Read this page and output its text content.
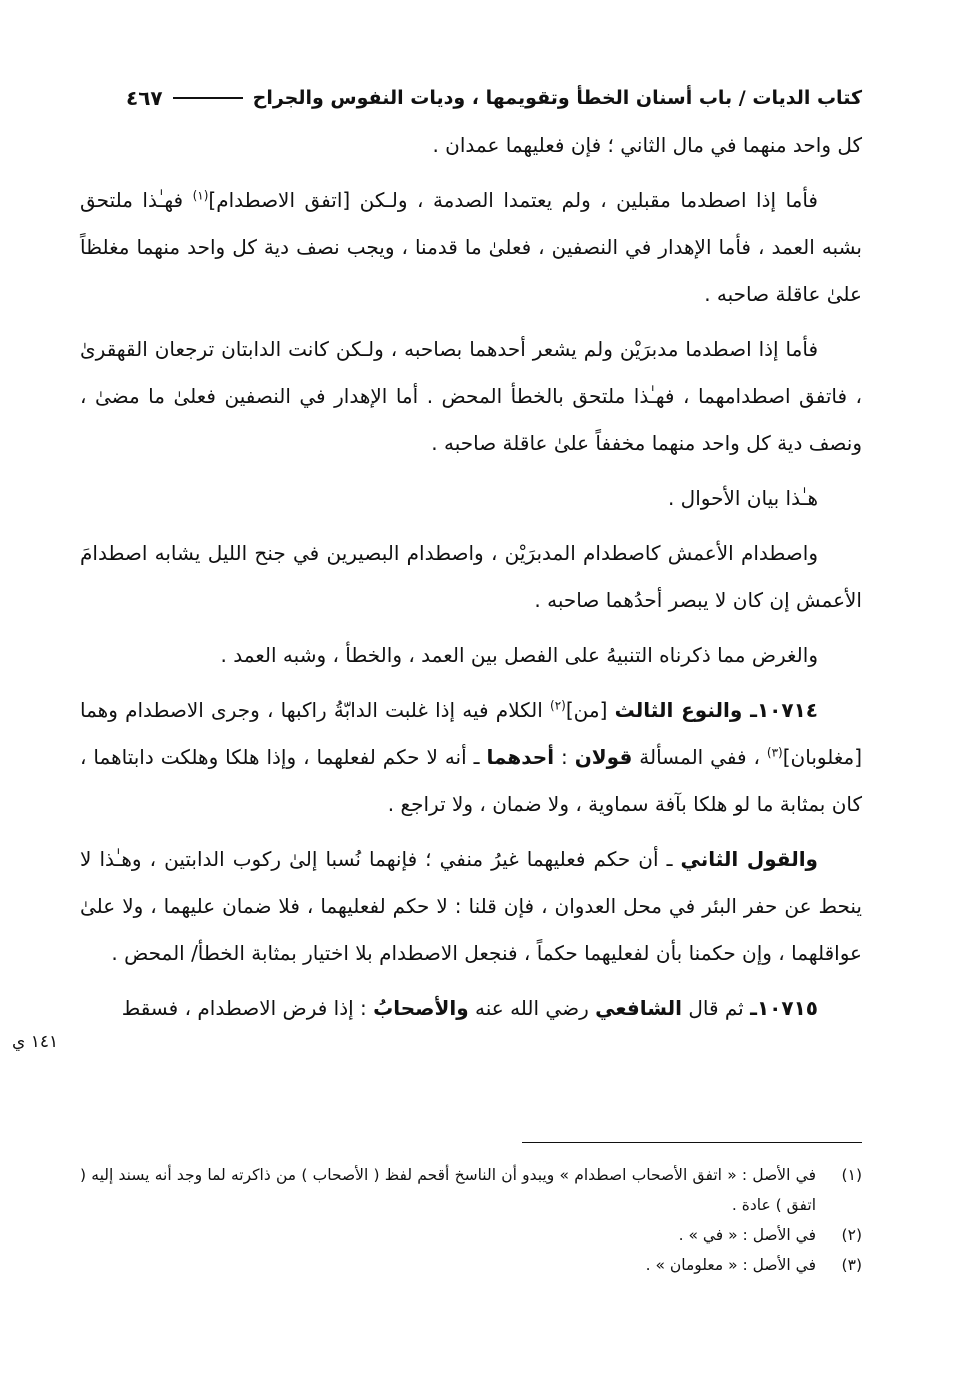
كتاب الديات / باب أسنان الخطأ وتقويمها ، وديات النفوس والجراح
٤٦٧

كل واحد منهما في مال الثاني ؛ فإن فعليهما عمدان .

فأما إذا اصطدما مقبلين ، ولم يعتمدا الصدمة ، ولـكن [اتفق الاصطدام]$^{(١)}$ فهـٰذا ملتحق بشبه العمد ، فأما الإهدار في النصفين ، فعلىٰ ما قدمنا ، ويجب نصف دية كل واحد منهما مغلظاً علىٰ عاقلة صاحبه .

فأما إذا اصطدما مدبرَيْن ولم يشعر أحدهما بصاحبه ، ولـكن كانت الدابتان ترجعان القهقرىٰ ، فاتفق اصطدامهما ، فهـٰذا ملتحق بالخطأ المحض . أما الإهدار في النصفين فعلىٰ ما مضىٰ ، ونصف دية كل واحد منهما مخففاً علىٰ عاقلة صاحبه .

هـٰذا بيان الأحوال .

واصطدام الأعمش كاصطدام المدبرَيْن ، واصطدام البصيرين في جنح الليل يشابه اصطدامَ الأعمش إن كان لا يبصر أحدُهما صاحبه .

والغرض مما ذكرناه التنبيهُ على الفصل بين العمد ، والخطأ ، وشبه العمد .

١٠٧١٤ـ والنوع الثالث [من]$^{(٢)}$ الكلام فيه إذا غلبت الدابّةُ راكبها ، وجرى الاصطدام وهما [مغلوبان]$^{(٣)}$ ، ففي المسألة قولان : أحدهما ـ أنه لا حكم لفعلهما ، وإذا هلكا وهلكت دابتاهما ، كان بمثابة ما لو هلكا بآفة سماوية ، ولا ضمان ، ولا تراجع .

والقول الثاني ـ أن حكم فعليهما غيرُ منفي ؛ فإنهما نُسبا إلىٰ ركوب الدابتين ، وهـٰذا لا ينحط عن حفر البئر في محل العدوان ، فإن قلنا : لا حكم لفعليهما ، فلا ضمان عليهما ، ولا علىٰ عواقلهما ، وإن حكمنا بأن لفعليهما حكماً ، فنجعل الاصطدام بلا اختيار بمثابة الخطأ/ المحض .

١٠٧١٥ـ ثم قال الشافعي رضي الله عنه والأصحابُ : إذا فرض الاصطدام ، فسقط

١٤١ ي
(١)
في الأصل : « اتفق الأصحاب اصطدام » ويبدو أن الناسخ أقحم لفظ ( الأصحاب ) من ذاكرته لما وجد أنه يسند إليه ( اتفق ) عادة .
(٢)
في الأصل : « في » .
(٣)
في الأصل : « معلومان » .
